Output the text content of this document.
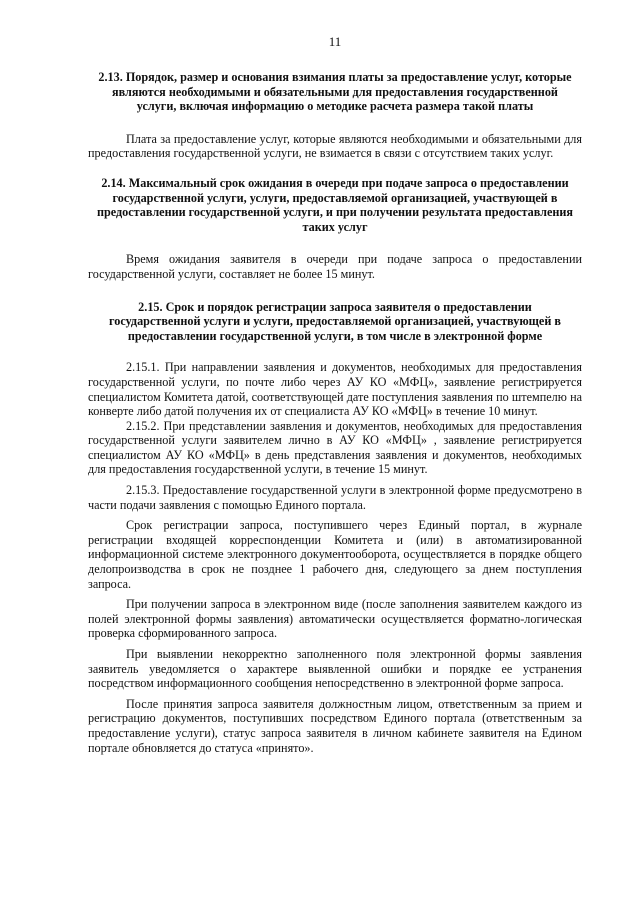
11

2.13. Порядок, размер и основания взимания платы за предоставление услуг, которые являются необходимыми и обязательными для предоставления государственной услуги, включая информацию о методике расчета размера такой платы

Плата за предоставление услуг, которые являются необходимыми и обязательными для предоставления государственной услуги, не взимается в связи с отсутствием таких услуг.

2.14. Максимальный срок ожидания в очереди при подаче запроса о предоставлении государственной услуги, услуги, предоставляемой организацией, участвующей в предоставлении государственной услуги, и при получении результата предоставления таких услуг

Время ожидания заявителя в очереди при подаче запроса о предоставлении государственной услуги, составляет не более 15 минут.

2.15. Срок и порядок регистрации запроса заявителя о предоставлении государственной услуги и услуги, предоставляемой организацией, участвующей в предоставлении государственной услуги, в том числе в электронной форме

2.15.1. При направлении заявления и документов, необходимых для предоставления государственной услуги, по почте либо через АУ КО «МФЦ», заявление регистрируется специалистом Комитета датой, соответствующей дате поступления заявления по штемпелю на конверте либо датой получения их от специалиста АУ КО «МФЦ» в течение 10 минут.

2.15.2. При представлении заявления и документов, необходимых для предоставления государственной услуги заявителем лично в АУ КО «МФЦ» , заявление регистрируется специалистом АУ КО «МФЦ» в день представления заявления и документов, необходимых для предоставления государственной услуги, в течение 15 минут.

2.15.3. Предоставление государственной услуги в электронной форме предусмотрено в части подачи заявления с помощью Единого портала.

Срок регистрации запроса, поступившего через Единый портал, в журнале регистрации входящей корреспонденции Комитета и (или) в автоматизированной информационной системе электронного документооборота, осуществляется в порядке общего делопроизводства в срок не позднее 1 рабочего дня, следующего за днем поступления запроса.

При получении запроса в электронном виде (после заполнения заявителем каждого из полей электронной формы заявления) автоматически осуществляется форматно-логическая проверка сформированного запроса.

При выявлении некорректно заполненного поля электронной формы заявления заявитель уведомляется о характере выявленной ошибки и порядке ее устранения посредством информационного сообщения непосредственно в электронной форме запроса.

После принятия запроса заявителя должностным лицом, ответственным за прием и регистрацию документов, поступивших посредством Единого портала (ответственным за предоставление услуги), статус запроса заявителя в личном кабинете заявителя на Едином портале обновляется до статуса «принято».
